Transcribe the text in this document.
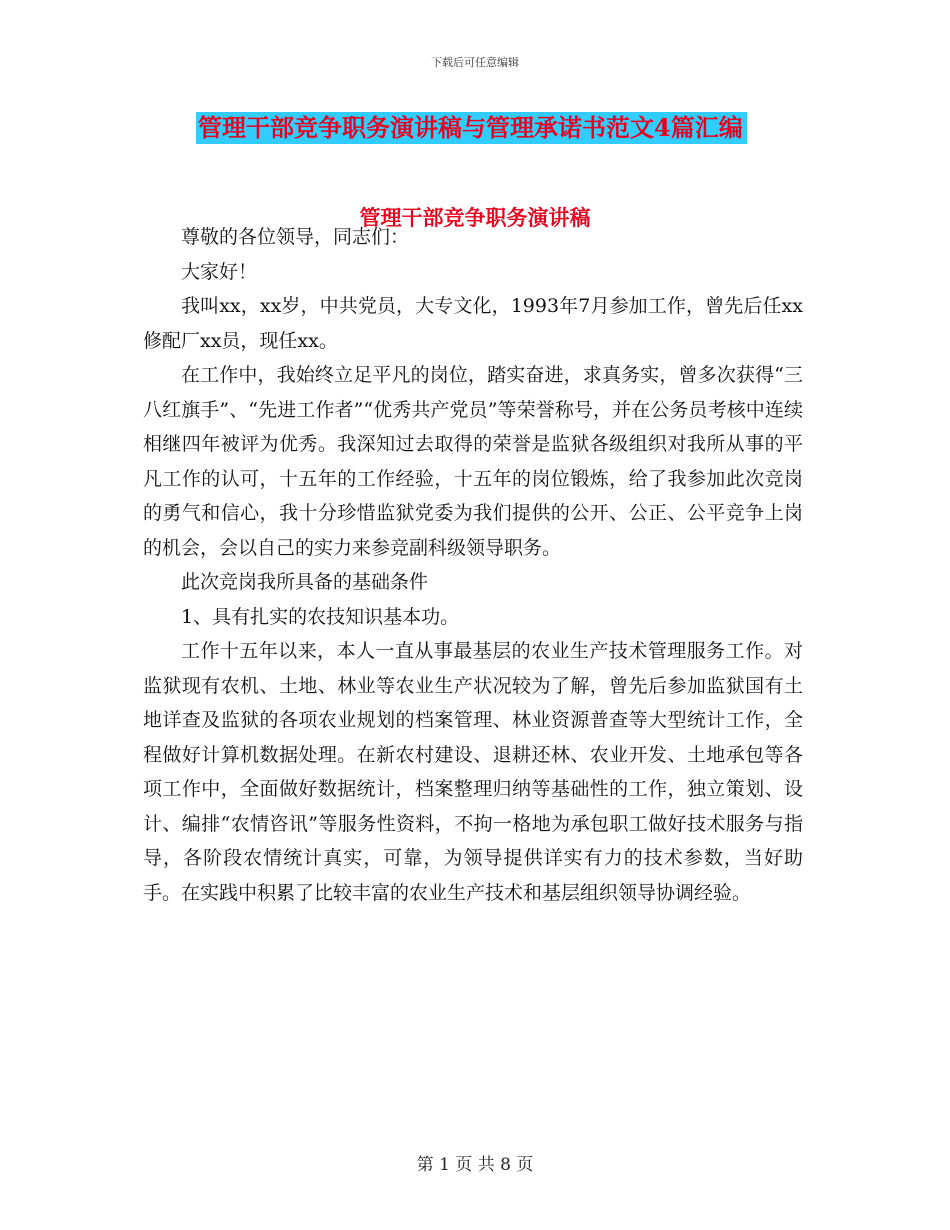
下载后可任意编辑
管理干部竞争职务演讲稿与管理承诺书范文4篇汇编
管理干部竞争职务演讲稿

尊敬的各位领导，同志们：

大家好！

我叫xx，xx岁，中共党员，大专文化，1993年7月参加工作，曾先后任xx修配厂xx员，现任xx。

在工作中，我始终立足平凡的岗位，踏实奋进，求真务实，曾多次获得“三八红旗手”、“先进工作者”“优秀共产党员”等荣誉称号，并在公务员考核中连续相继四年被评为优秀。我深知过去取得的荣誉是监狱各级组织对我所从事的平凡工作的认可，十五年的工作经验，十五年的岗位锻炼，给了我参加此次竞岗的勇气和信心，我十分珍惜监狱党委为我们提供的公开、公正、公平竞争上岗的机会，会以自己的实力来参竞副科级领导职务。

此次竞岗我所具备的基础条件

1、具有扎实的农技知识基本功。

工作十五年以来，本人一直从事最基层的农业生产技术管理服务工作。对监狱现有农机、土地、林业等农业生产状况较为了解，曾先后参加监狱国有土地详查及监狱的各项农业规划的档案管理、林业资源普查等大型统计工作，全程做好计算机数据处理。在新农村建设、退耕还林、农业开发、土地承包等各项工作中，全面做好数据统计，档案整理归纳等基础性的工作，独立策划、设计、编排“农情咨讯”等服务性资料，不拘一格地为承包职工做好技术服务与指导，各阶段农情统计真实，可靠，为领导提供详实有力的技术参数，当好助手。在实践中积累了比较丰富的农业生产技术和基层组织领导协调经验。

第 1 页 共 8 页
